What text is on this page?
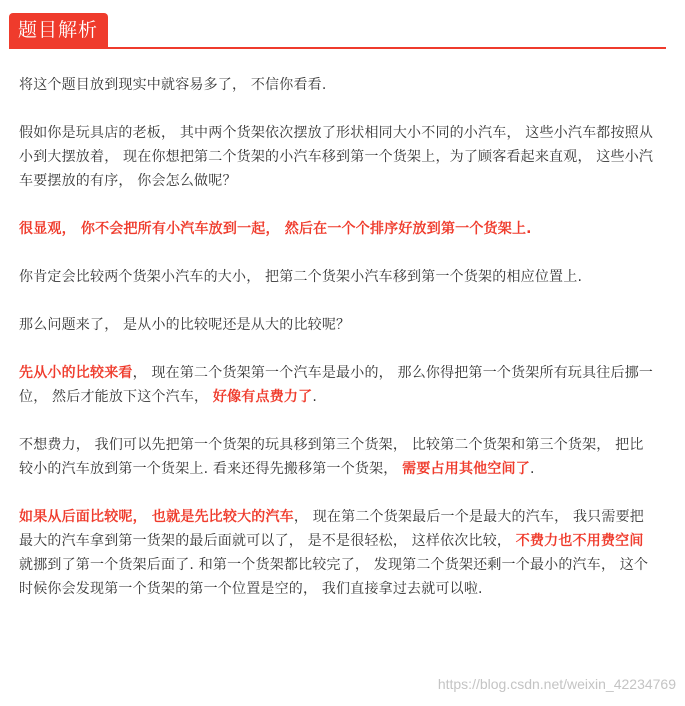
题目解析

将这个题目放到现实中就容易多了， 不信你看看.

假如你是玩具店的老板， 其中两个货架依次摆放了形状相同大小不同的小汽车， 这些小汽车都按照从小到大摆放着， 现在你想把第二个货架的小汽车移到第一个货架上，为了顾客看起来直观， 这些小汽车要摆放的有序， 你会怎么做呢？

很显观， 你不会把所有小汽车放到一起， 然后在一个个排序好放到第一个货架上.

你肯定会比较两个货架小汽车的大小， 把第二个货架小汽车移到第一个货架的相应位置上.

那么问题来了， 是从小的比较呢还是从大的比较呢？

先从小的比较来看， 现在第二个货架第一个汽车是最小的， 那么你得把第一个货架所有玩具往后挪一位， 然后才能放下这个汽车， 好像有点费力了.

不想费力， 我们可以先把第一个货架的玩具移到第三个货架， 比较第二个货架和第三个货架， 把比较小的汽车放到第一个货架上. 看来还得先搬移第一个货架， 需要占用其他空间了.

如果从后面比较呢， 也就是先比较大的汽车， 现在第二个货架最后一个是最大的汽车， 我只需要把最大的汽车拿到第一货架的最后面就可以了， 是不是很轻松， 这样依次比较， 不费力也不用费空间就挪到了第一个货架后面了. 和第一个货架都比较完了， 发现第二个货架还剩一个最小的汽车， 这个时候你会发现第一个货架的第一个位置是空的， 我们直接拿过去就可以啦.

https://blog.csdn.net/weixin_42234769
